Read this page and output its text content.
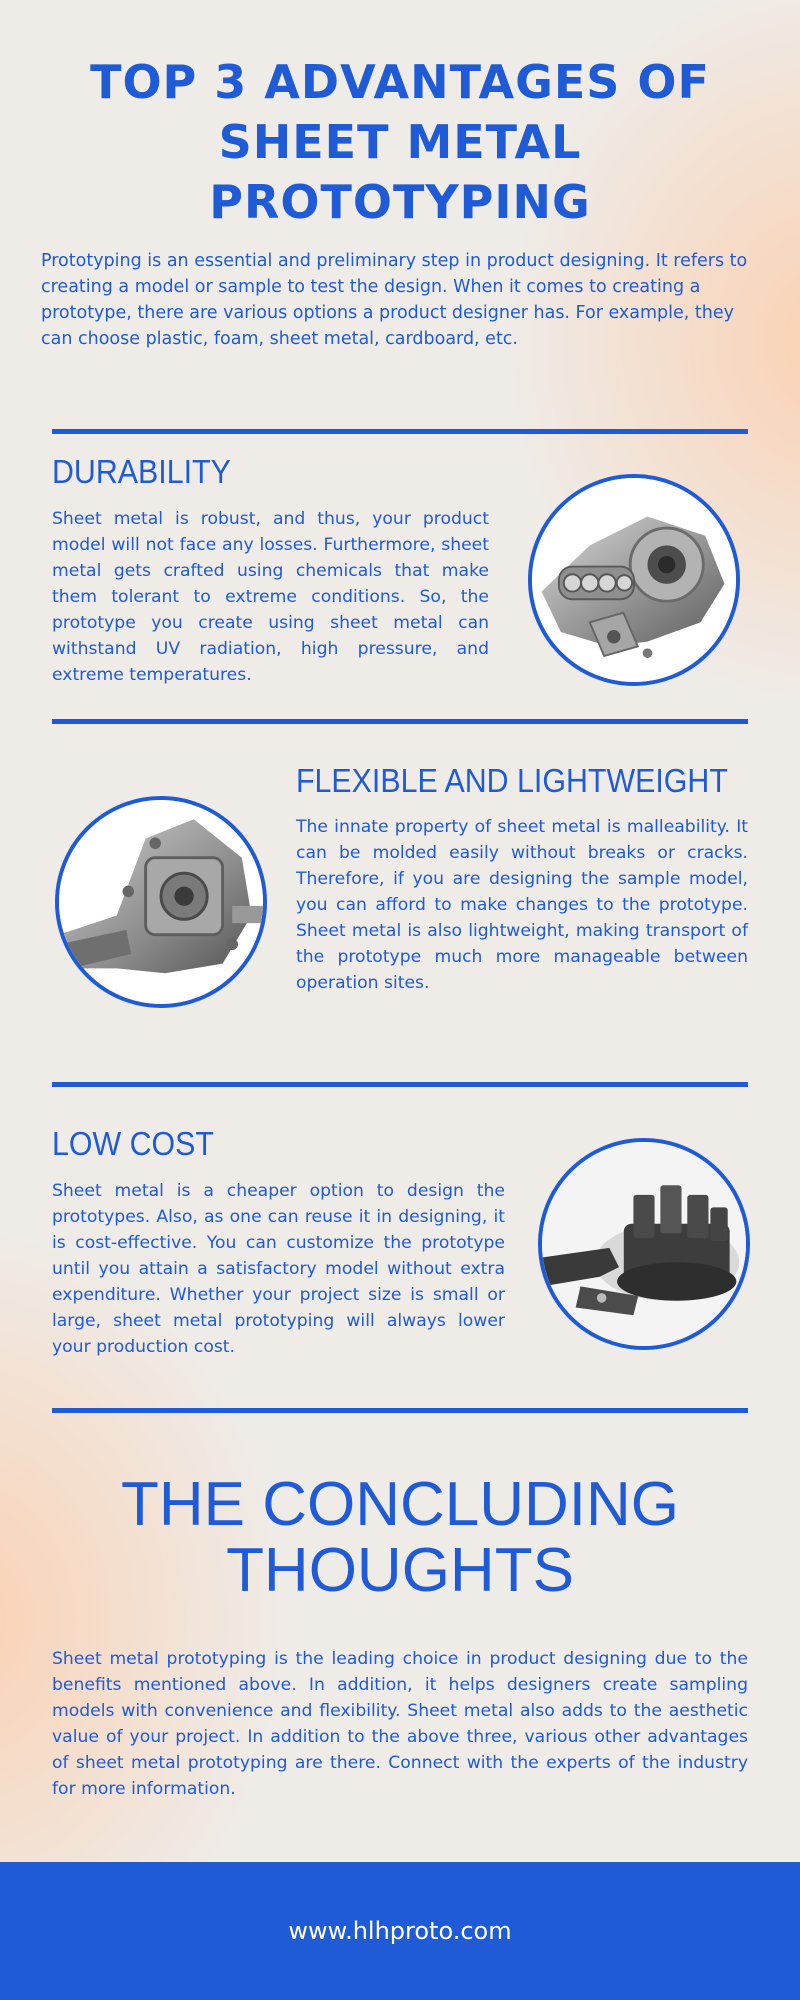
TOP 3 ADVANTAGES OF SHEET METAL PROTOTYPING

Prototyping is an essential and preliminary step in product designing. It refers to creating a model or sample to test the design. When it comes to creating a prototype, there are various options a product designer has. For example, they can choose plastic, foam, sheet metal, cardboard, etc.

DURABILITY

Sheet metal is robust, and thus, your product model will not face any losses. Furthermore, sheet metal gets crafted using chemicals that make them tolerant to extreme conditions. So, the prototype you create using sheet metal can withstand UV radiation, high pressure, and extreme temperatures.

FLEXIBLE AND LIGHTWEIGHT

The innate property of sheet metal is malleability. It can be molded easily without breaks or cracks. Therefore, if you are designing the sample model, you can afford to make changes to the prototype. Sheet metal is also lightweight, making transport of the prototype much more manageable between operation sites.

LOW COST

Sheet metal is a cheaper option to design the prototypes. Also, as one can reuse it in designing, it is cost-effective. You can customize the prototype until you attain a satisfactory model without extra expenditure. Whether your project size is small or large, sheet metal prototyping will always lower your production cost.

THE CONCLUDING THOUGHTS

Sheet metal prototyping is the leading choice in product designing due to the benefits mentioned above. In addition, it helps designers create sampling models with convenience and flexibility. Sheet metal also adds to the aesthetic value of your project. In addition to the above three, various other advantages of sheet metal prototyping are there. Connect with the experts of the industry for more information.

www.hlhproto.com
